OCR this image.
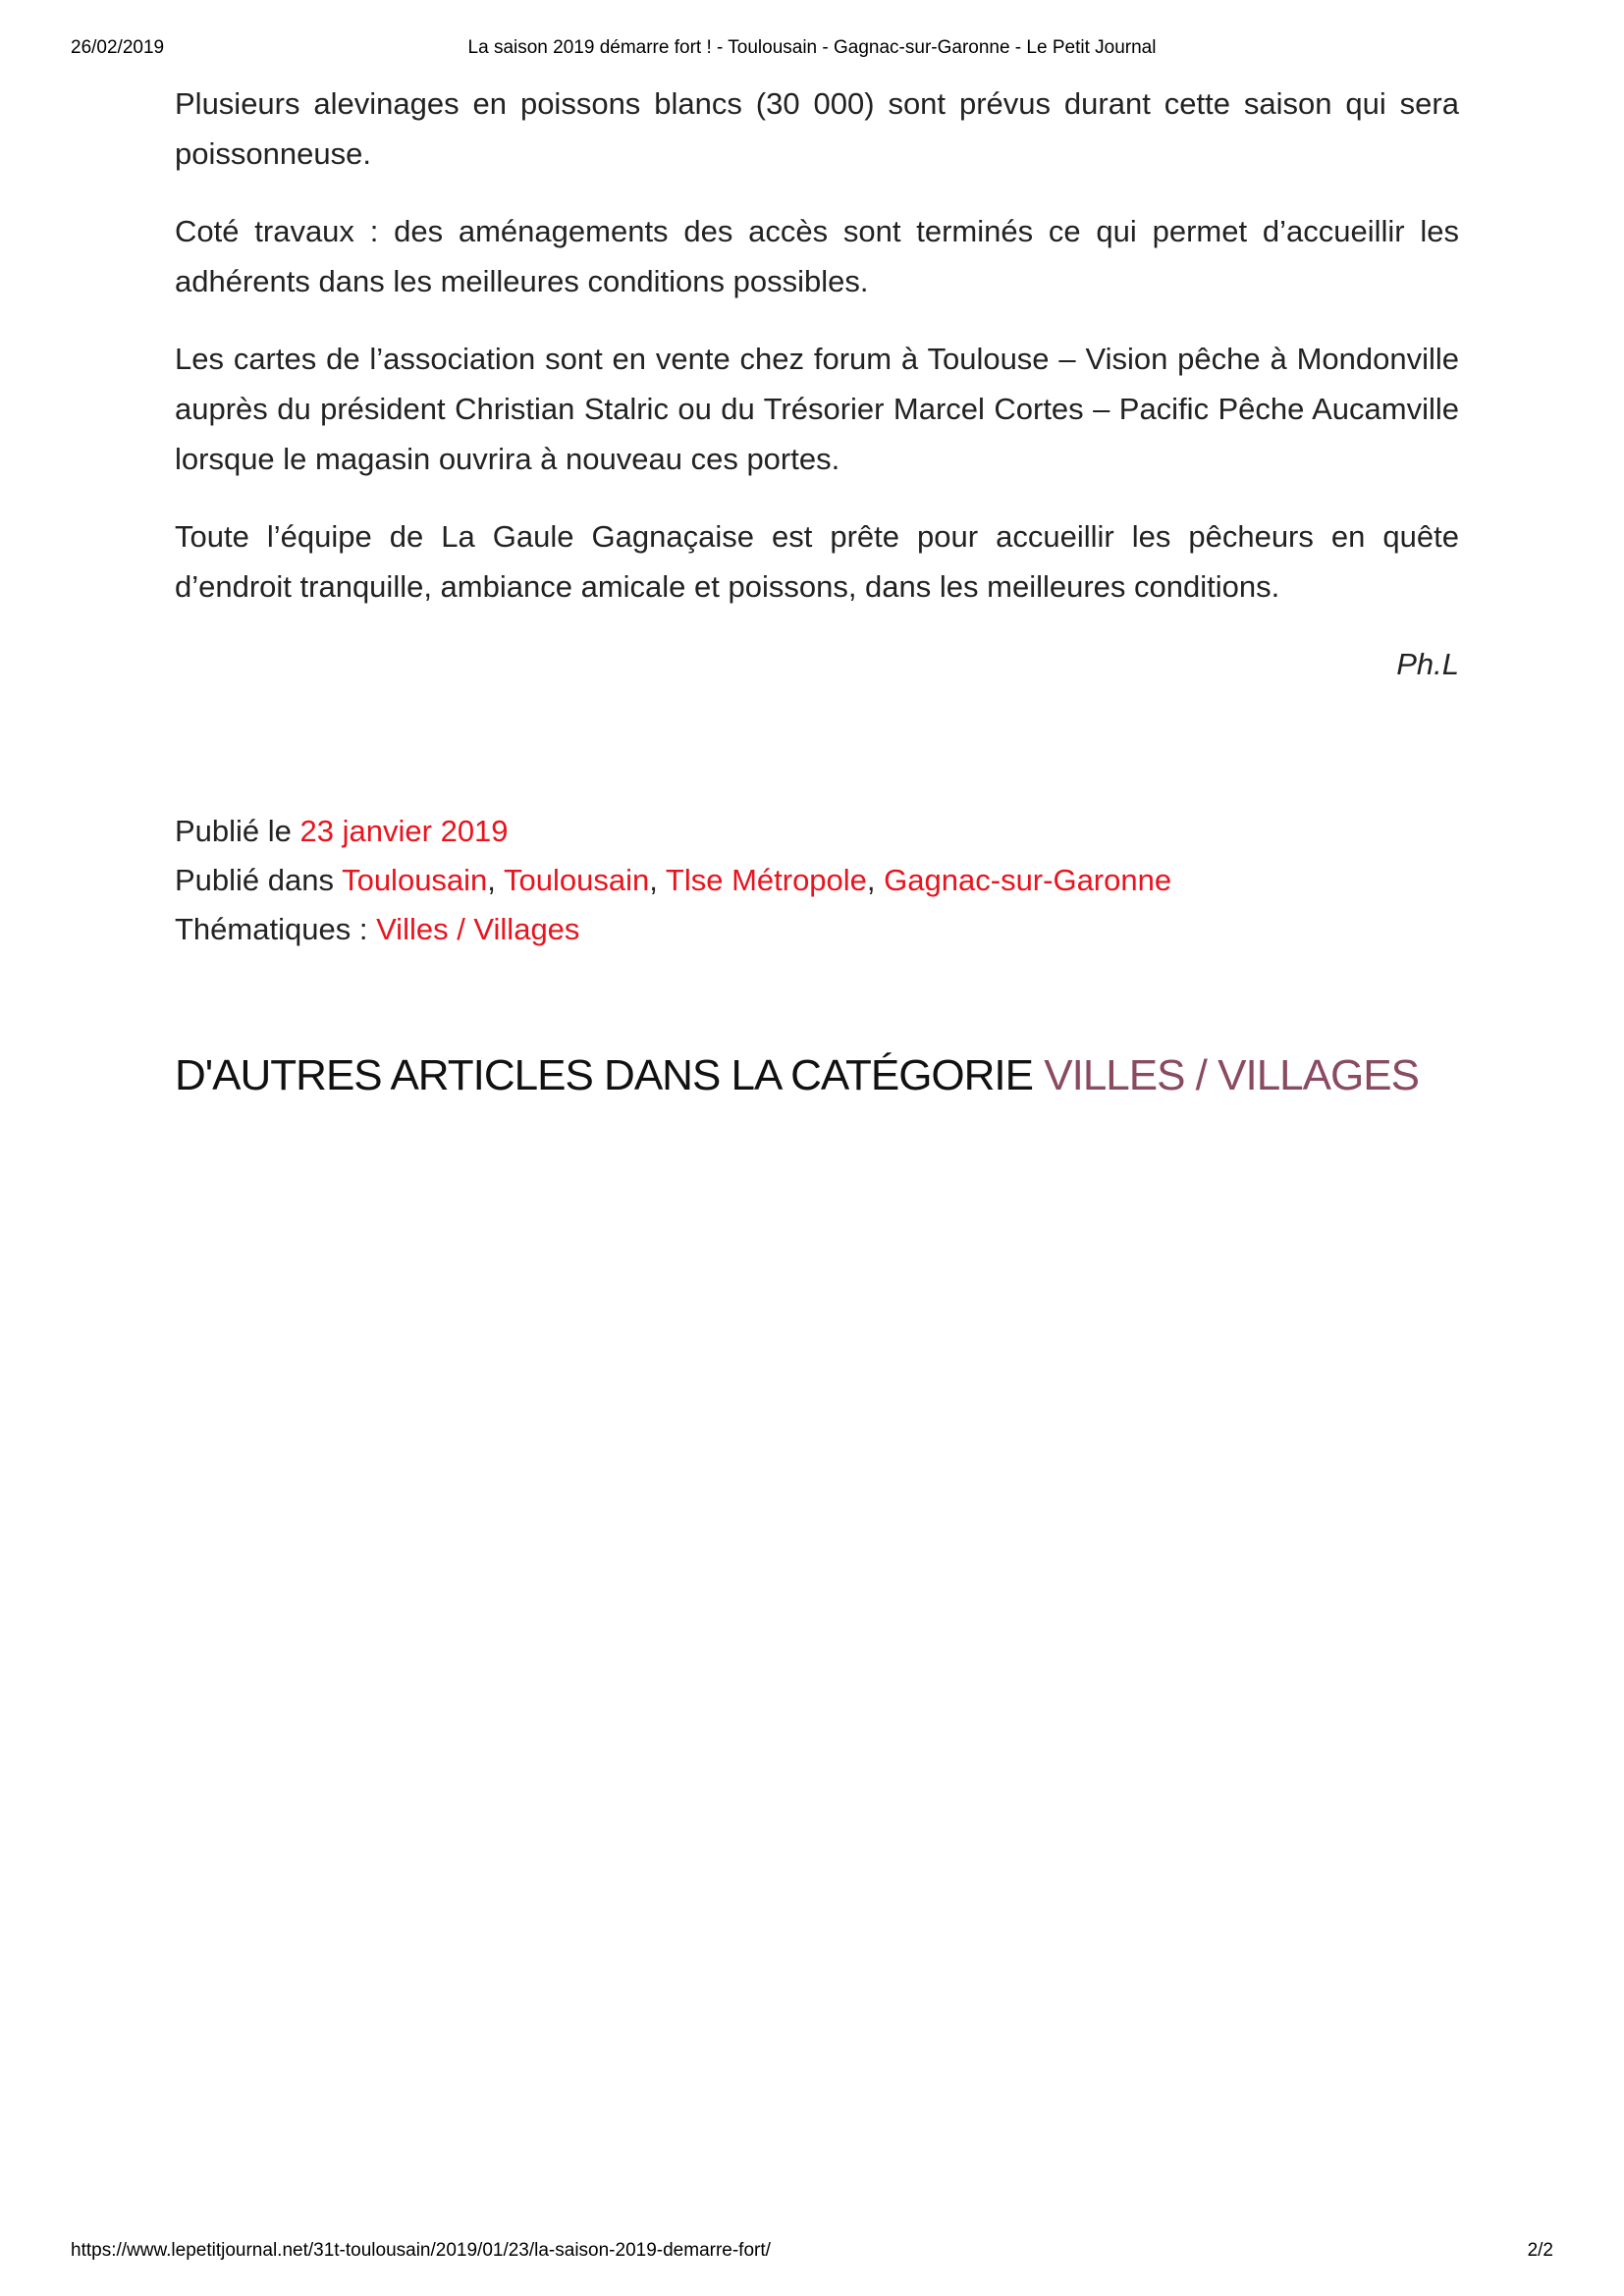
26/02/2019	La saison 2019 démarre fort ! - Toulousain - Gagnac-sur-Garonne - Le Petit Journal

Plusieurs alevinages en poissons blancs (30 000) sont prévus durant cette saison qui sera poissonneuse.

Coté travaux : des aménagements des accès sont terminés ce qui permet d’accueillir les adhérents dans les meilleures conditions possibles.

Les cartes de l’association sont en vente chez forum à Toulouse – Vision pêche à Mondonville auprès du président Christian Stalric ou du Trésorier Marcel Cortes – Pacific Pêche Aucamville lorsque le magasin ouvrira à nouveau ces portes.

Toute l’équipe de La Gaule Gagnaçaise est prête pour accueillir les pêcheurs en quête d’endroit tranquille, ambiance amicale et poissons, dans les meilleures conditions.

Ph.L

Publié le 23 janvier 2019
Publié dans Toulousain, Toulousain, Tlse Métropole, Gagnac-sur-Garonne
Thématiques : Villes / Villages
D'AUTRES ARTICLES DANS LA CATÉGORIE VILLES / VILLAGES
https://www.lepetitjournal.net/31t-toulousain/2019/01/23/la-saison-2019-demarre-fort/	2/2
